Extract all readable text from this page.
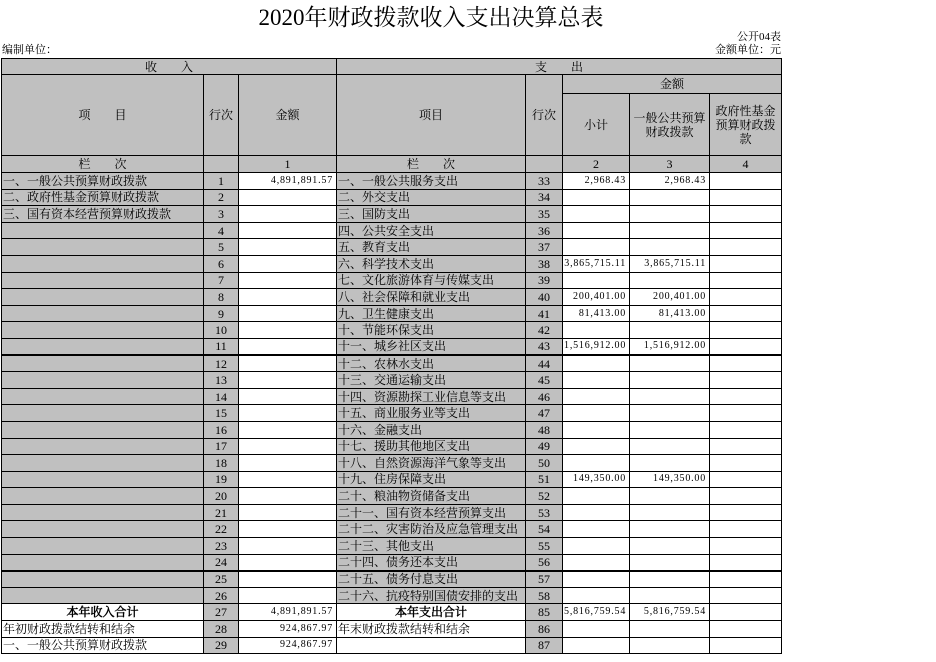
2020年财政拨款收入支出决算总表
公开04表
编制单位：	金额单位：元
收　　入			支　　出				
项　　目	行次	金额	项目	行次	金额		
					小计	一般公共预算财政拨款	政府性基金预算财政拨款
栏　　次		1	栏　　次		2	3	4
一、一般公共预算财政拨款	1	4,891,891.57	一、一般公共服务支出	33	2,968.43	2,968.43	
二、政府性基金预算财政拨款	2		二、外交支出	34			
三、国有资本经营预算财政拨款	3		三、国防支出	35			
	4		四、公共安全支出	36			
	5		五、教育支出	37			
	6		六、科学技术支出	38	3,865,715.11	3,865,715.11	
	7		七、文化旅游体育与传媒支出	39			
	8		八、社会保障和就业支出	40	200,401.00	200,401.00	
	9		九、卫生健康支出	41	81,413.00	81,413.00	
	10		十、节能环保支出	42			
	11		十一、城乡社区支出	43	1,516,912.00	1,516,912.00	
	12		十二、农林水支出	44			
	13		十三、交通运输支出	45			
	14		十四、资源勘探工业信息等支出	46			
	15		十五、商业服务业等支出	47			
	16		十六、金融支出	48			
	17		十七、援助其他地区支出	49			
	18		十八、自然资源海洋气象等支出	50			
	19		十九、住房保障支出	51	149,350.00	149,350.00	
	20		二十、粮油物资储备支出	52			
	21		二十一、国有资本经营预算支出	53			
	22		二十二、灾害防治及应急管理支出	54			
	23		二十三、其他支出	55			
	24		二十四、债务还本支出	56			
	25		二十五、债务付息支出	57			
	26		二十六、抗疫特别国债安排的支出	58			
本年收入合计	27	4,891,891.57	本年支出合计	85	5,816,759.54	5,816,759.54	
年初财政拨款结转和结余	28	924,867.97	年末财政拨款结转和结余	86			
一、一般公共预算财政拨款	29	924,867.97		87			
